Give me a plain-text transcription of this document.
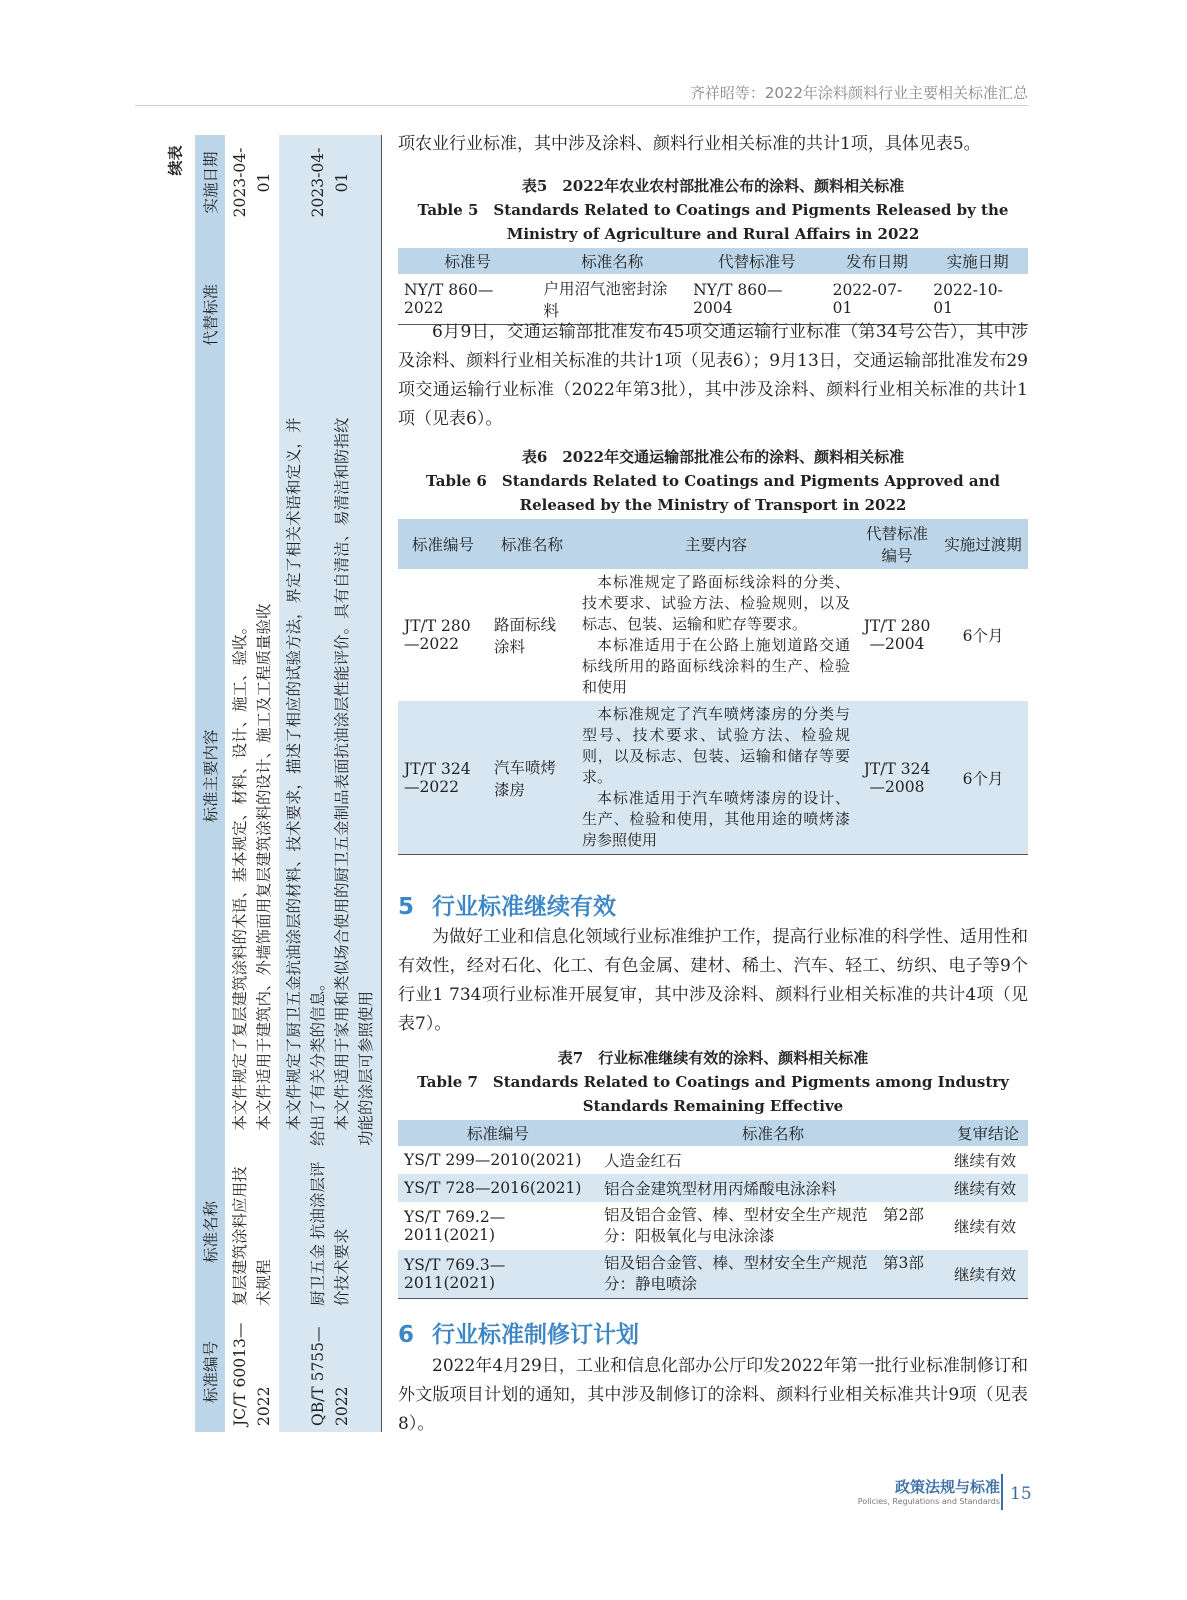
齐祥昭等：2022年涂料颜料行业主要相关标准汇总
续表
标准编号	标准名称	标准主要内容	代替标准	实施日期
JC/T 60013—2022	复层建筑涂料应用技术规程	本文件规定了复层建筑涂料的术语、基本规定、材料、设计、施工、验收。 本文件适用于建筑内、外墙饰面用复层建筑涂料的设计、施工及工程质量验收		2023-04-01
QB/T 5755—2022	厨卫五金 抗油涂层评价技术要求	本文件规定了厨卫五金抗油涂层的材料、技术要求，描述了相应的试验方法，界定了相关术语和定义，并给出了有关分类的信息。 本文件适用于家用和类似场合使用的厨卫五金制品表面抗油涂层性能评价。具有自清洁、易清洁和防指纹功能的涂层可参照使用		2023-04-01

项农业行业标准，其中涉及涂料、颜料行业相关标准的共计1项，具体见表5。

表5　2022年农业农村部批准公布的涂料、颜料相关标准
Table 5　Standards Related to Coatings and Pigments Released by the Ministry of Agriculture and Rural Affairs in 2022
标准号	标准名称	代替标准号	发布日期	实施日期
NY/T 860—2022	户用沼气池密封涂料	NY/T 860—2004	2022-07-01	2022-10-01

6月9日，交通运输部批准发布45项交通运输行业标准（第34号公告），其中涉及涂料、颜料行业相关标准的共计1项（见表6）；9月13日，交通运输部批准发布29项交通运输行业标准（2022年第3批），其中涉及涂料、颜料行业相关标准的共计1项（见表6）。

表6　2022年交通运输部批准公布的涂料、颜料相关标准
Table 6　Standards Related to Coatings and Pigments Approved and Released by the Ministry of Transport in 2022
标准编号	标准名称	主要内容	代替标准编号	实施过渡期
JT/T 280—2022	路面标线涂料	本标准规定了路面标线涂料的分类、技术要求、试验方法、检验规则，以及标志、包装、运输和贮存等要求。
本标准适用于在公路上施划道路交通标线所用的路面标线涂料的生产、检验和使用	JT/T 280—2004	6个月
JT/T 324—2022	汽车喷烤漆房	本标准规定了汽车喷烤漆房的分类与型号、技术要求、试验方法、检验规则，以及标志、包装、运输和储存等要求。
本标准适用于汽车喷烤漆房的设计、生产、检验和使用，其他用途的喷烤漆房参照使用	JT/T 324—2008	6个月
5 行业标准继续有效

为做好工业和信息化领域行业标准维护工作，提高行业标准的科学性、适用性和有效性，经对石化、化工、有色金属、建材、稀土、汽车、轻工、纺织、电子等9个行业1 734项行业标准开展复审，其中涉及涂料、颜料行业相关标准的共计4项（见表7）。

表7　行业标准继续有效的涂料、颜料相关标准
Table 7　Standards Related to Coatings and Pigments among Industry Standards Remaining Effective
标准编号	标准名称	复审结论
YS/T 299—2010(2021)	人造金红石	继续有效
YS/T 728—2016(2021)	铝合金建筑型材用丙烯酸电泳涂料	继续有效
YS/T 769.2—2011(2021)	铝及铝合金管、棒、型材安全生产规范　第2部分：阳极氧化与电泳涂漆	继续有效
YS/T 769.3—2011(2021)	铝及铝合金管、棒、型材安全生产规范　第3部分：静电喷涂	继续有效
6 行业标准制修订计划

2022年4月29日，工业和信息化部办公厅印发2022年第一批行业标准制修订和外文版项目计划的通知，其中涉及制修订的涂料、颜料行业相关标准共计9项（见表8）。

政策法规与标准
Policies, Regulations and Standards 15
